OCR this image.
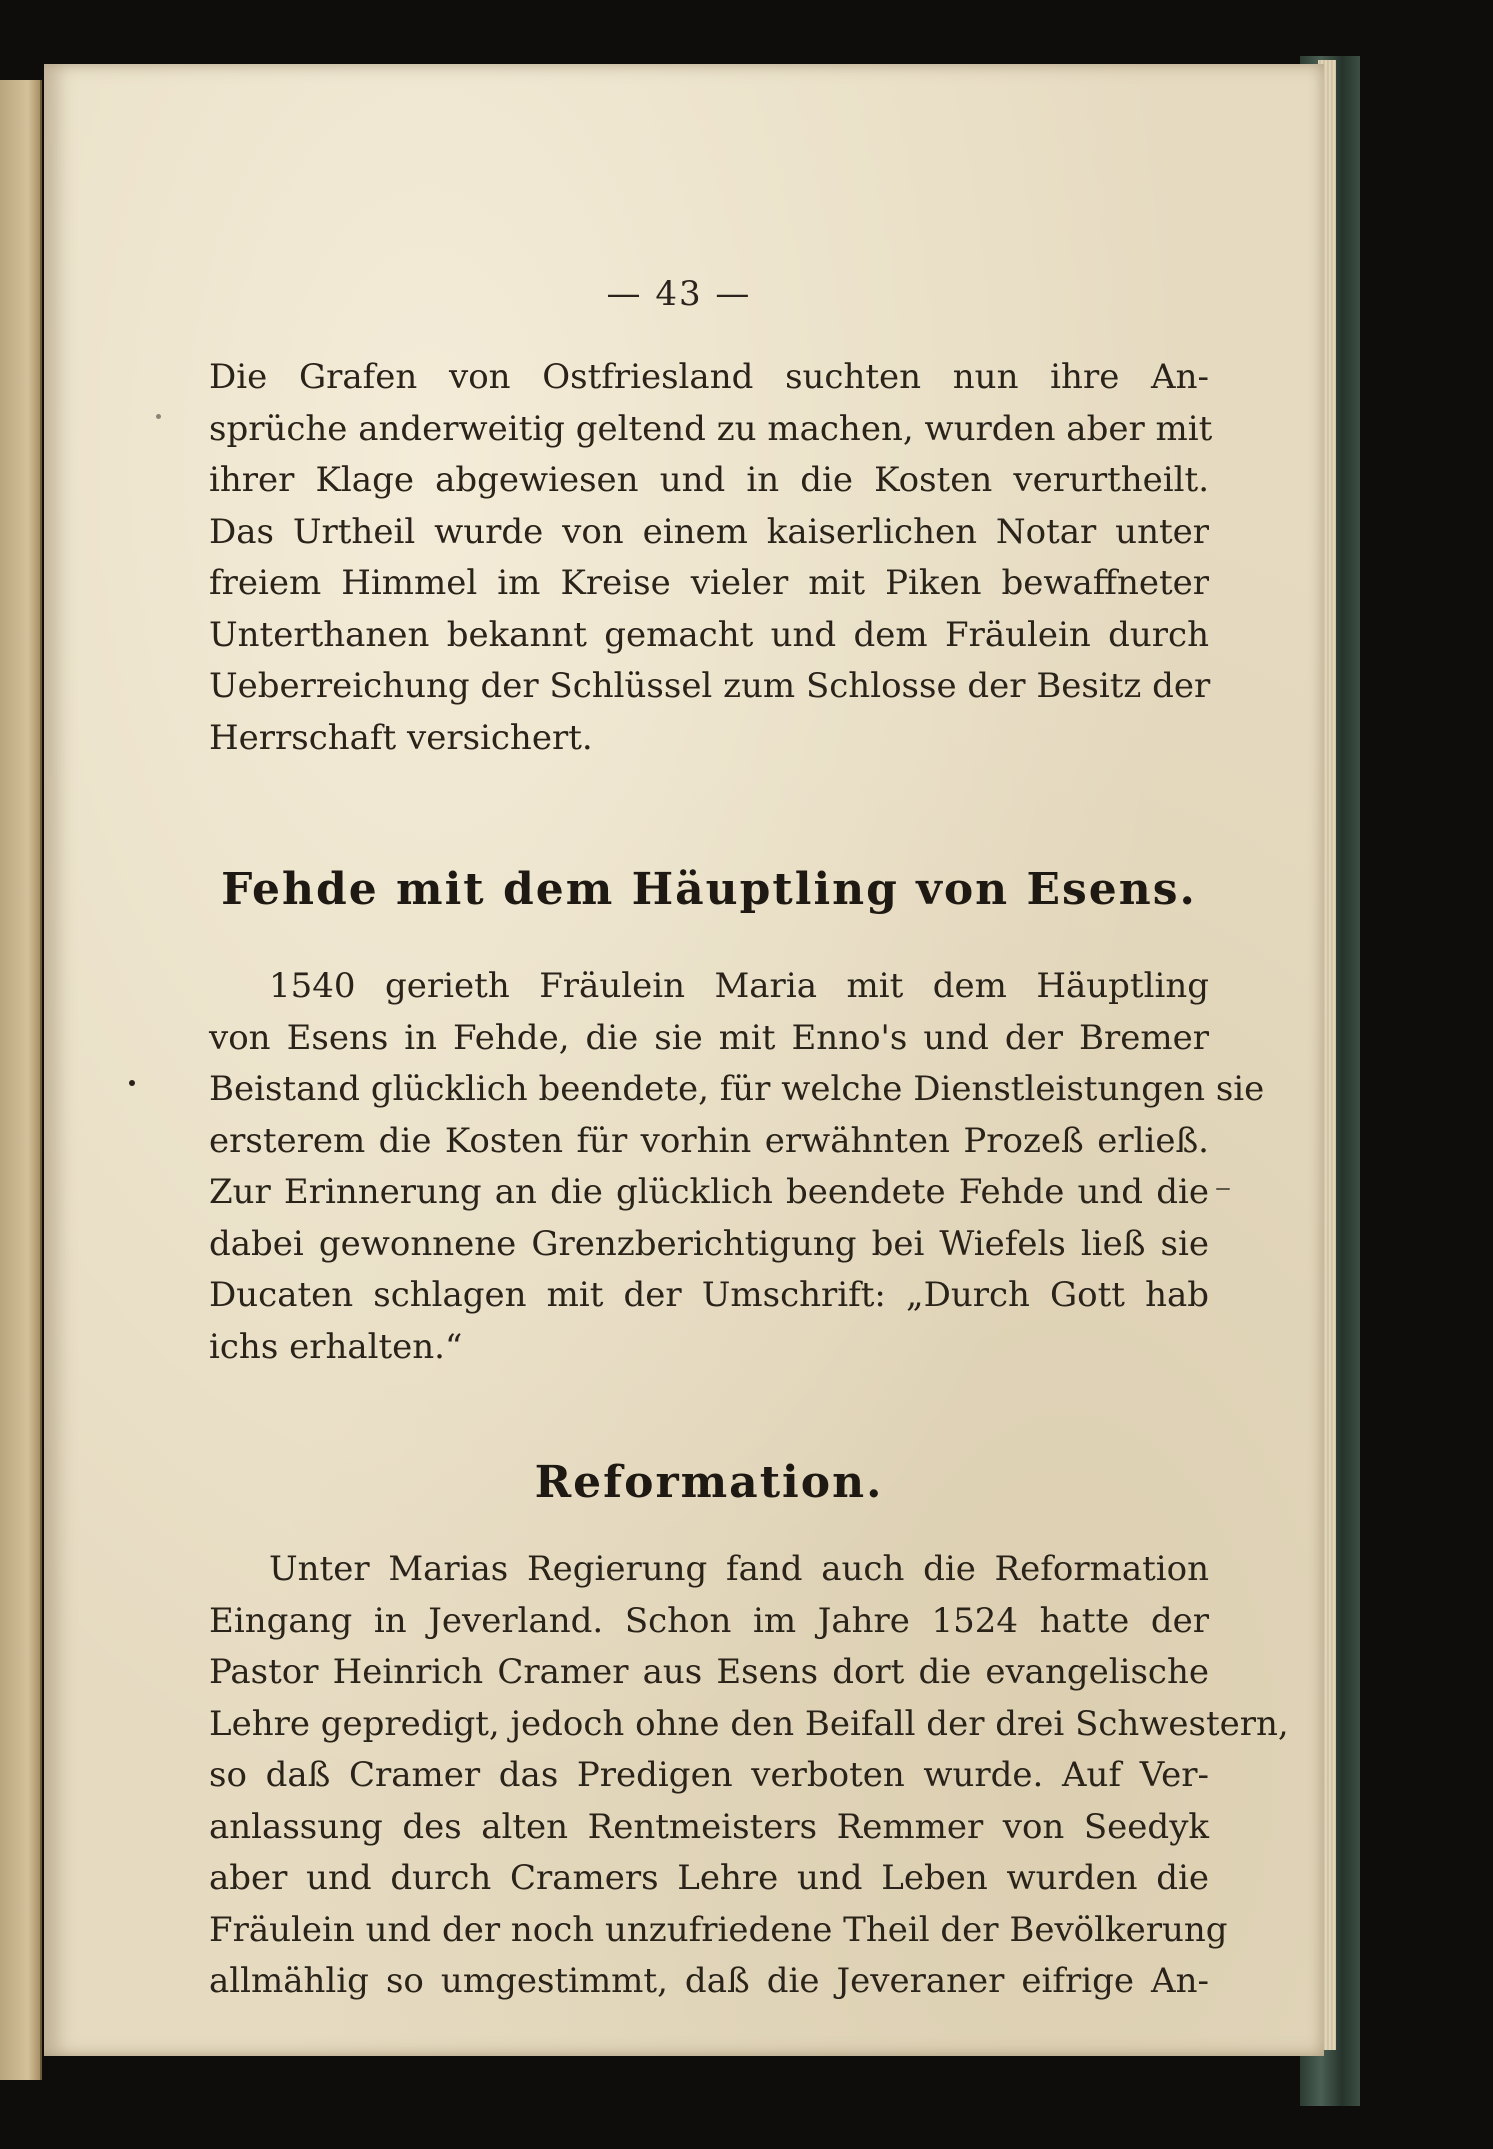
— 43 —
Die Grafen von Ostfriesland suchten nun ihre An-
sprüche anderweitig geltend zu machen, wurden aber mit
ihrer Klage abgewiesen und in die Kosten verurtheilt.
Das Urtheil wurde von einem kaiserlichen Notar unter
freiem Himmel im Kreise vieler mit Piken bewaffneter
Unterthanen bekannt gemacht und dem Fräulein durch
Ueberreichung der Schlüssel zum Schlosse der Besitz der
Herrschaft versichert.
Fehde mit dem Häuptling von Esens.
1540 gerieth Fräulein Maria mit dem Häuptling
von Esens in Fehde, die sie mit Enno's und der Bremer
Beistand glücklich beendete, für welche Dienstleistungen sie
ersterem die Kosten für vorhin erwähnten Prozeß erließ.
Zur Erinnerung an die glücklich beendete Fehde und die
dabei gewonnene Grenzberichtigung bei Wiefels ließ sie
Ducaten schlagen mit der Umschrift: „Durch Gott hab
ichs erhalten.“
Reformation.
Unter Marias Regierung fand auch die Reformation
Eingang in Jeverland. Schon im Jahre 1524 hatte der
Pastor Heinrich Cramer aus Esens dort die evangelische
Lehre gepredigt, jedoch ohne den Beifall der drei Schwestern,
so daß Cramer das Predigen verboten wurde. Auf Ver-
anlassung des alten Rentmeisters Remmer von Seedyk
aber und durch Cramers Lehre und Leben wurden die
Fräulein und der noch unzufriedene Theil der Bevölkerung
allmählig so umgestimmt, daß die Jeveraner eifrige An-
